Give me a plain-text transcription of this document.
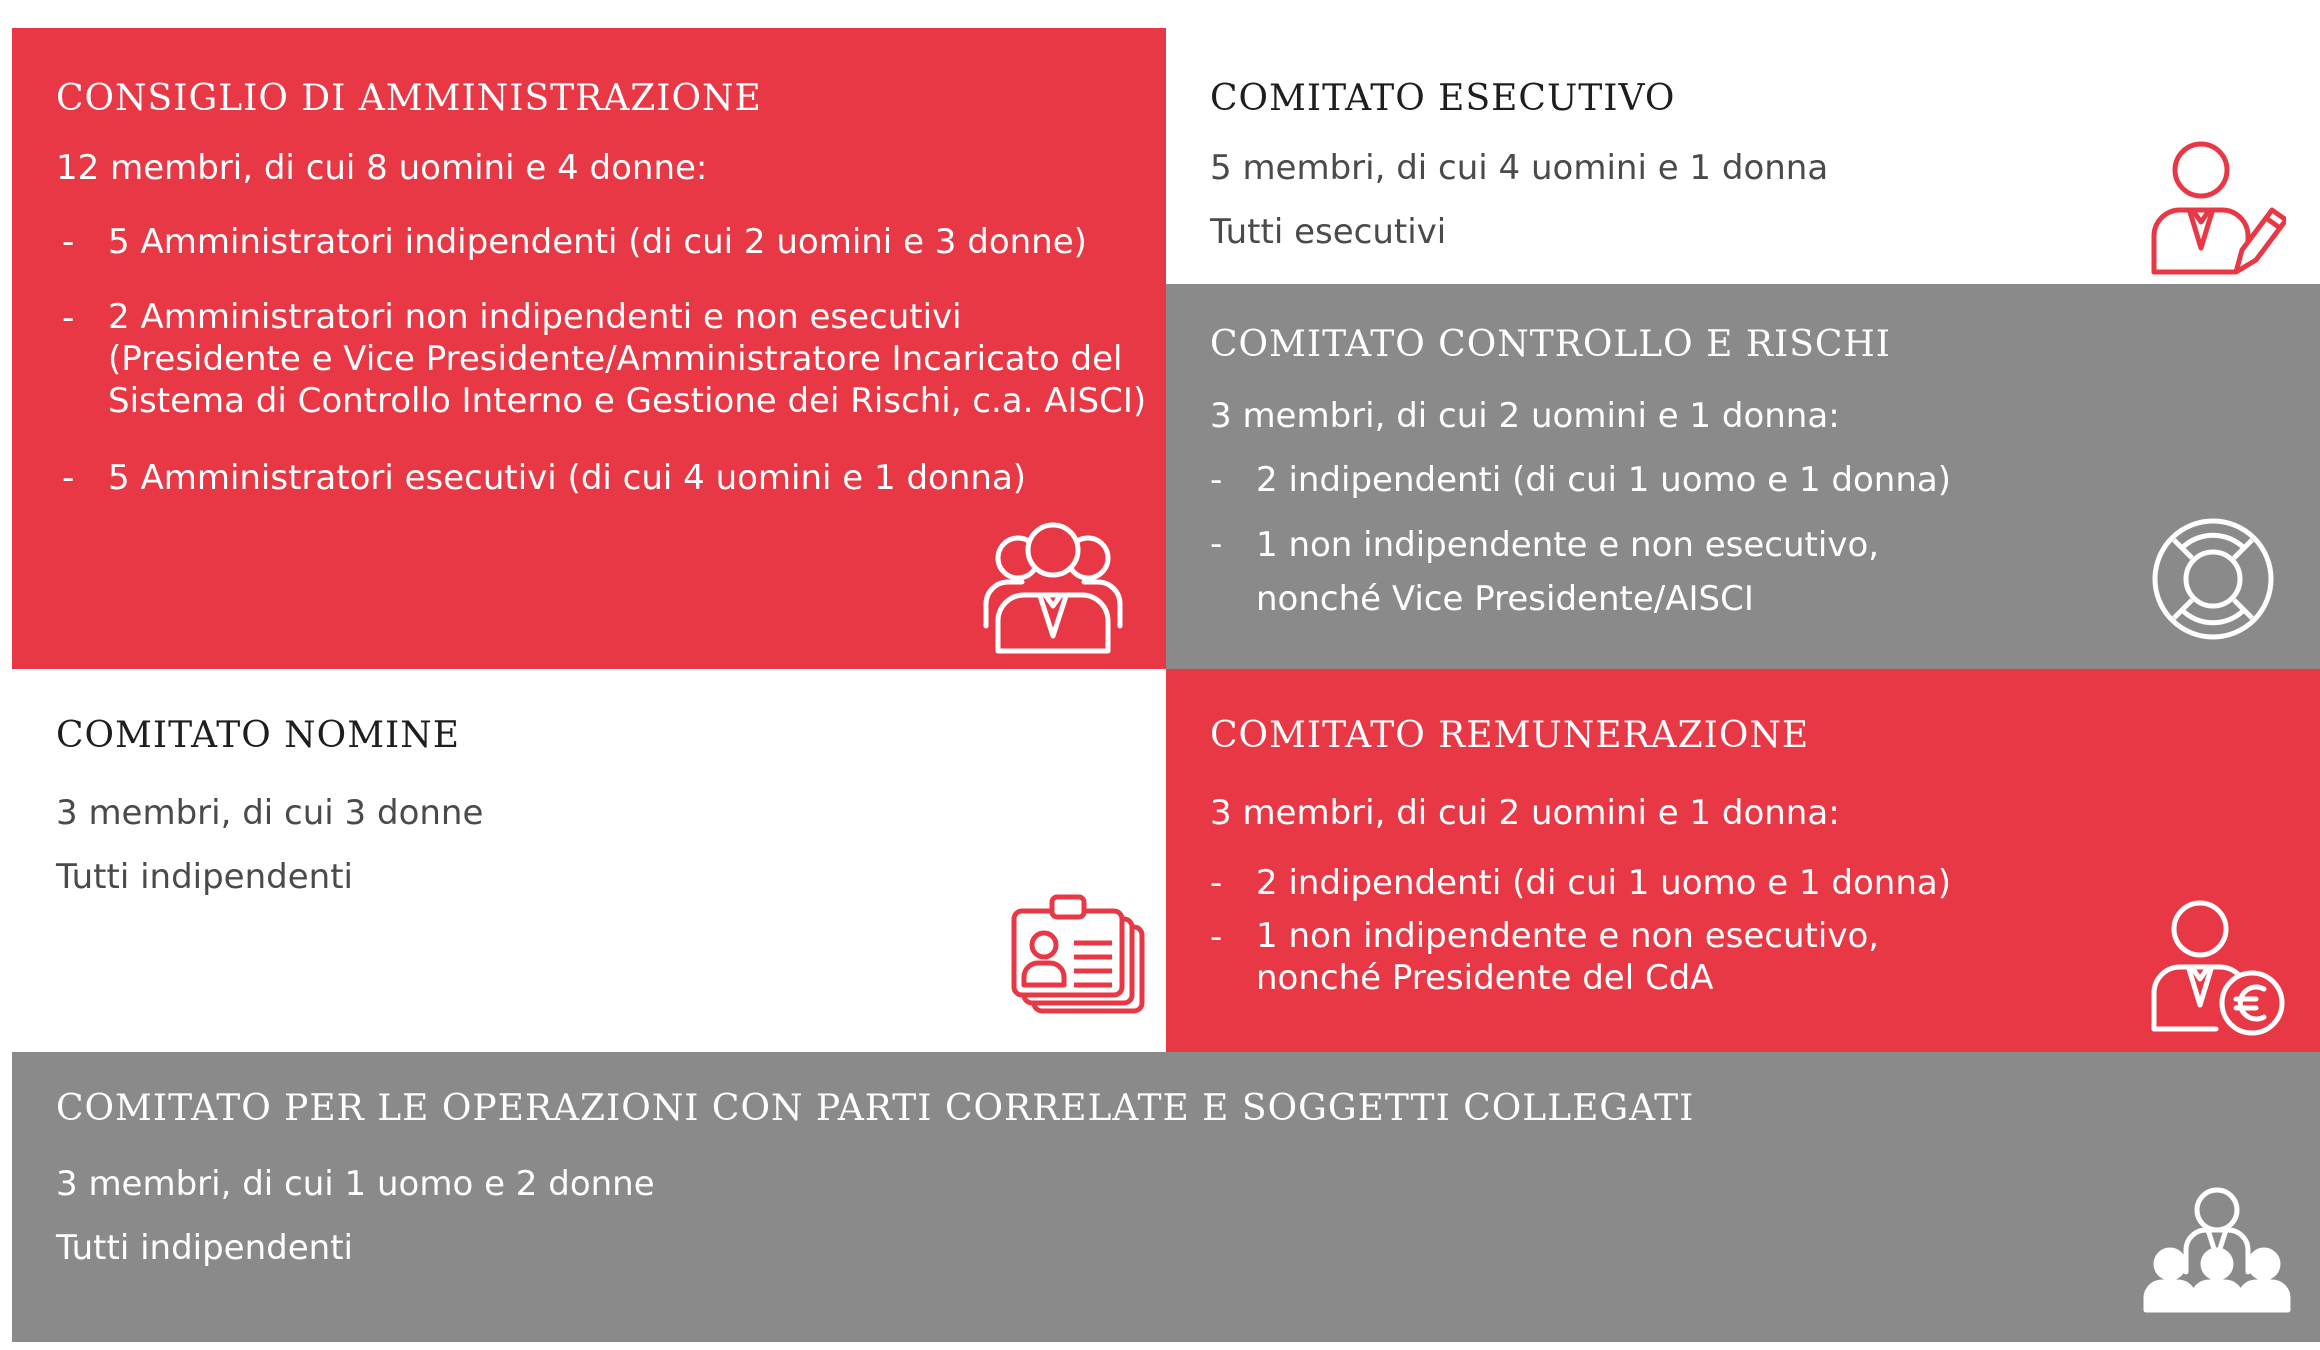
CONSIGLIO DI AMMINISTRAZIONE
12 membri, di cui 8 uomini e 4 donne:
- 5 Amministratori indipendenti (di cui 2 uomini e 3 donne)
- 2 Amministratori non indipendenti e non esecutivi
(Presidente e Vice Presidente/Amministratore Incaricato del
Sistema di Controllo Interno e Gestione dei Rischi, c.a. AISCI)
- 5 Amministratori esecutivi (di cui 4 uomini e 1 donna)
COMITATO ESECUTIVO
5 membri, di cui 4 uomini e 1 donna
Tutti esecutivi
COMITATO CONTROLLO E RISCHI
3 membri, di cui 2 uomini e 1 donna:
- 2 indipendenti (di cui 1 uomo e 1 donna)
- 1 non indipendente e non esecutivo,
nonché Vice Presidente/AISCI
COMITATO NOMINE
3 membri, di cui 3 donne
Tutti indipendenti
COMITATO REMUNERAZIONE
3 membri, di cui 2 uomini e 1 donna:
- 2 indipendenti (di cui 1 uomo e 1 donna)
- 1 non indipendente e non esecutivo,
nonché Presidente del CdA
COMITATO PER LE OPERAZIONI CON PARTI CORRELATE E SOGGETTI COLLEGATI
3 membri, di cui 1 uomo e 2 donne
Tutti indipendenti
